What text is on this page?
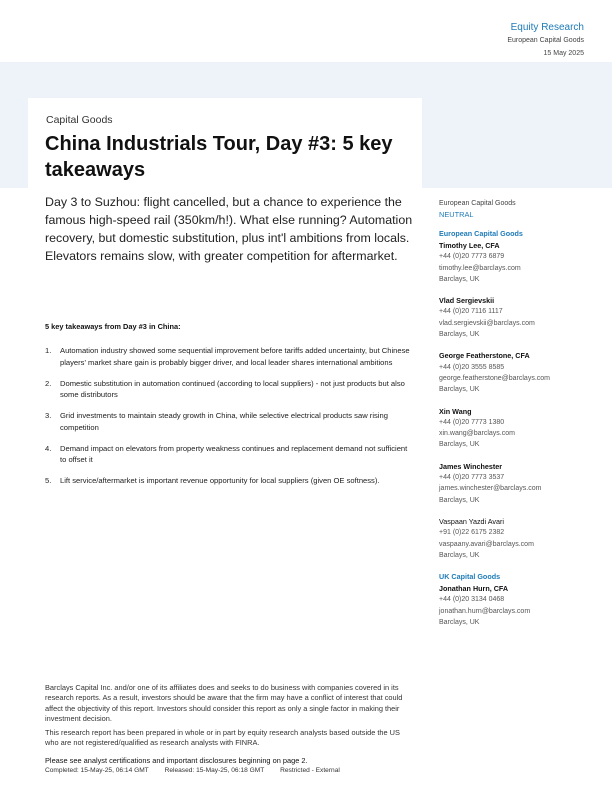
Equity Research
European Capital Goods
15 May 2025
Capital Goods
China Industrials Tour, Day #3: 5 key takeaways
Day 3 to Suzhou: flight cancelled, but a chance to experience the famous high-speed rail (350km/h!). What else running? Automation recovery, but domestic substitution, plus int'l ambitions from locals. Elevators remains slow, with greater competition for aftermarket.
5 key takeaways from Day #3 in China:
1. Automation industry showed some sequential improvement before tariffs added uncertainty, but Chinese players' market share gain is probably bigger driver, and local leader shares international ambitions
2. Domestic substitution in automation continued (according to local suppliers) - not just products but also some distributors
3. Grid investments to maintain steady growth in China, while selective electrical products saw rising competition
4. Demand impact on elevators from property weakness continues and replacement demand not sufficient to offset it
5. Lift service/aftermarket is important revenue opportunity for local suppliers (given OE softness).
European Capital Goods
NEUTRAL
European Capital Goods
Timothy Lee, CFA
+44 (0)20 7773 6879
timothy.lee@barclays.com
Barclays, UK
Vlad Sergievskii
+44 (0)20 7116 1117
vlad.sergievskii@barclays.com
Barclays, UK
George Featherstone, CFA
+44 (0)20 3555 8585
george.featherstone@barclays.com
Barclays, UK
Xin Wang
+44 (0)20 7773 1380
xin.wang@barclays.com
Barclays, UK
James Winchester
+44 (0)20 7773 3537
james.winchester@barclays.com
Barclays, UK
Vaspaan Yazdi Avari
+91 (0)22 6175 2382
vaspaany.avari@barclays.com
Barclays, UK
UK Capital Goods
Jonathan Hurn, CFA
+44 (0)20 3134 0468
jonathan.hurn@barclays.com
Barclays, UK

Barclays Capital Inc. and/or one of its affiliates does and seeks to do business with companies covered in its research reports. As a result, investors should be aware that the firm may have a conflict of interest that could affect the objectivity of this report. Investors should consider this report as only a single factor in making their investment decision.

This research report has been prepared in whole or in part by equity research analysts based outside the US who are not registered/qualified as research analysts with FINRA.

Please see analyst certifications and important disclosures beginning on page 2.
Completed: 15-May-25, 06:14 GMT Released: 15-May-25, 06:18 GMT Restricted - External
